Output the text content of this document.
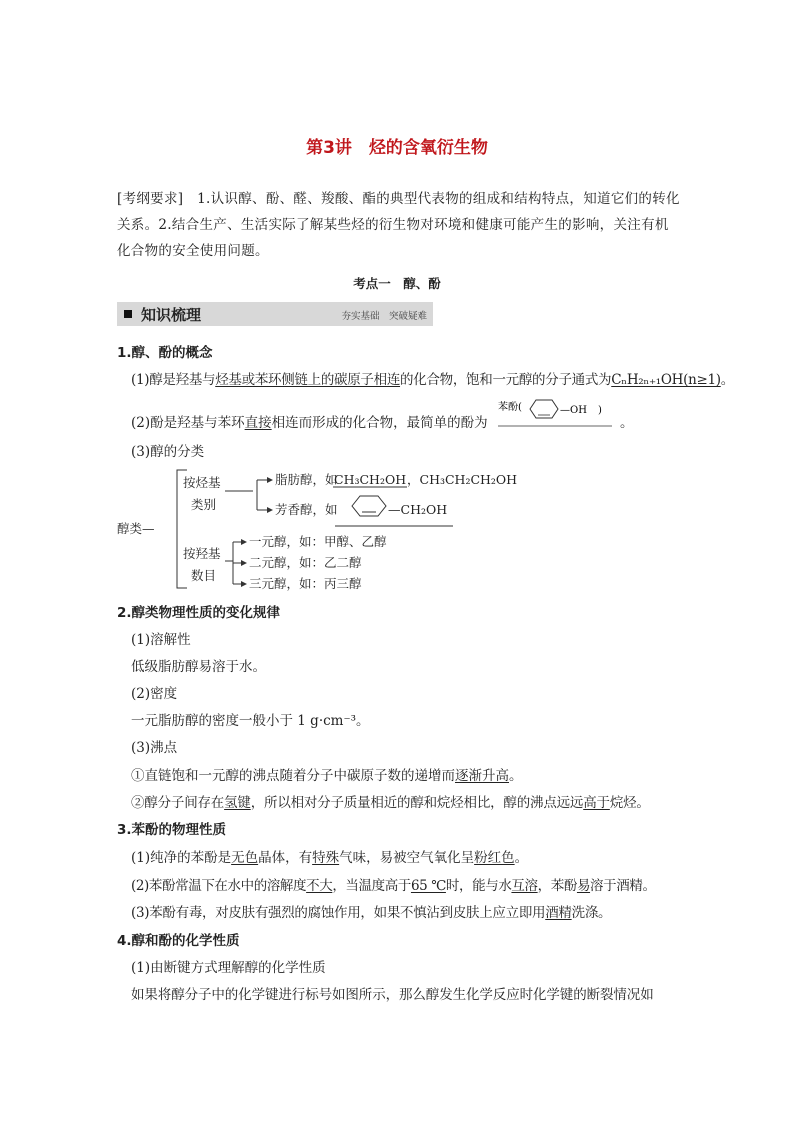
第3讲　烃的含氧衍生物
[考纲要求]　1.认识醇、酚、醛、羧酸、酯的典型代表物的组成和结构特点，知道它们的转化关系。2.结合生产、生活实际了解某些烃的衍生物对环境和健康可能产生的影响，关注有机化合物的安全使用问题。
考点一　醇、酚
知识梳理	夯实基础　突破疑难
1.醇、酚的概念
(1)醇是羟基与烃基或苯环侧链上的碳原子相连的化合物，饱和一元醇的分子通式为CₙH₂ₙ₊₁OH(n≥1)。
(2)酚是羟基与苯环直接相连而形成的化合物，最简单的酚为
苯酚(	—OH )
。
(3)醇的分类
醇类—
按烃基
类别
按羟基
数目
脂肪醇，如
CH₃CH₂OH ，CH₃CH₂CH₂OH
芳香醇，如	—CH₂OH
一元醇，如：甲醇、乙醇
二元醇，如：乙二醇
三元醇，如：丙三醇
2.醇类物理性质的变化规律
(1)溶解性
低级脂肪醇易溶于水。
(2)密度
一元脂肪醇的密度一般小于 1 g·cm⁻³。
(3)沸点
①直链饱和一元醇的沸点随着分子中碳原子数的递增而逐渐升高。
②醇分子间存在氢键，所以相对分子质量相近的醇和烷烃相比，醇的沸点远远高于烷烃。
3.苯酚的物理性质
(1)纯净的苯酚是无色晶体，有特殊气味，易被空气氧化呈粉红色。
(2)苯酚常温下在水中的溶解度不大，当温度高于65 ℃时，能与水互溶，苯酚易溶于酒精。
(3)苯酚有毒，对皮肤有强烈的腐蚀作用，如果不慎沾到皮肤上应立即用酒精洗涤。
4.醇和酚的化学性质
(1)由断键方式理解醇的化学性质
如果将醇分子中的化学键进行标号如图所示，那么醇发生化学反应时化学键的断裂情况如
